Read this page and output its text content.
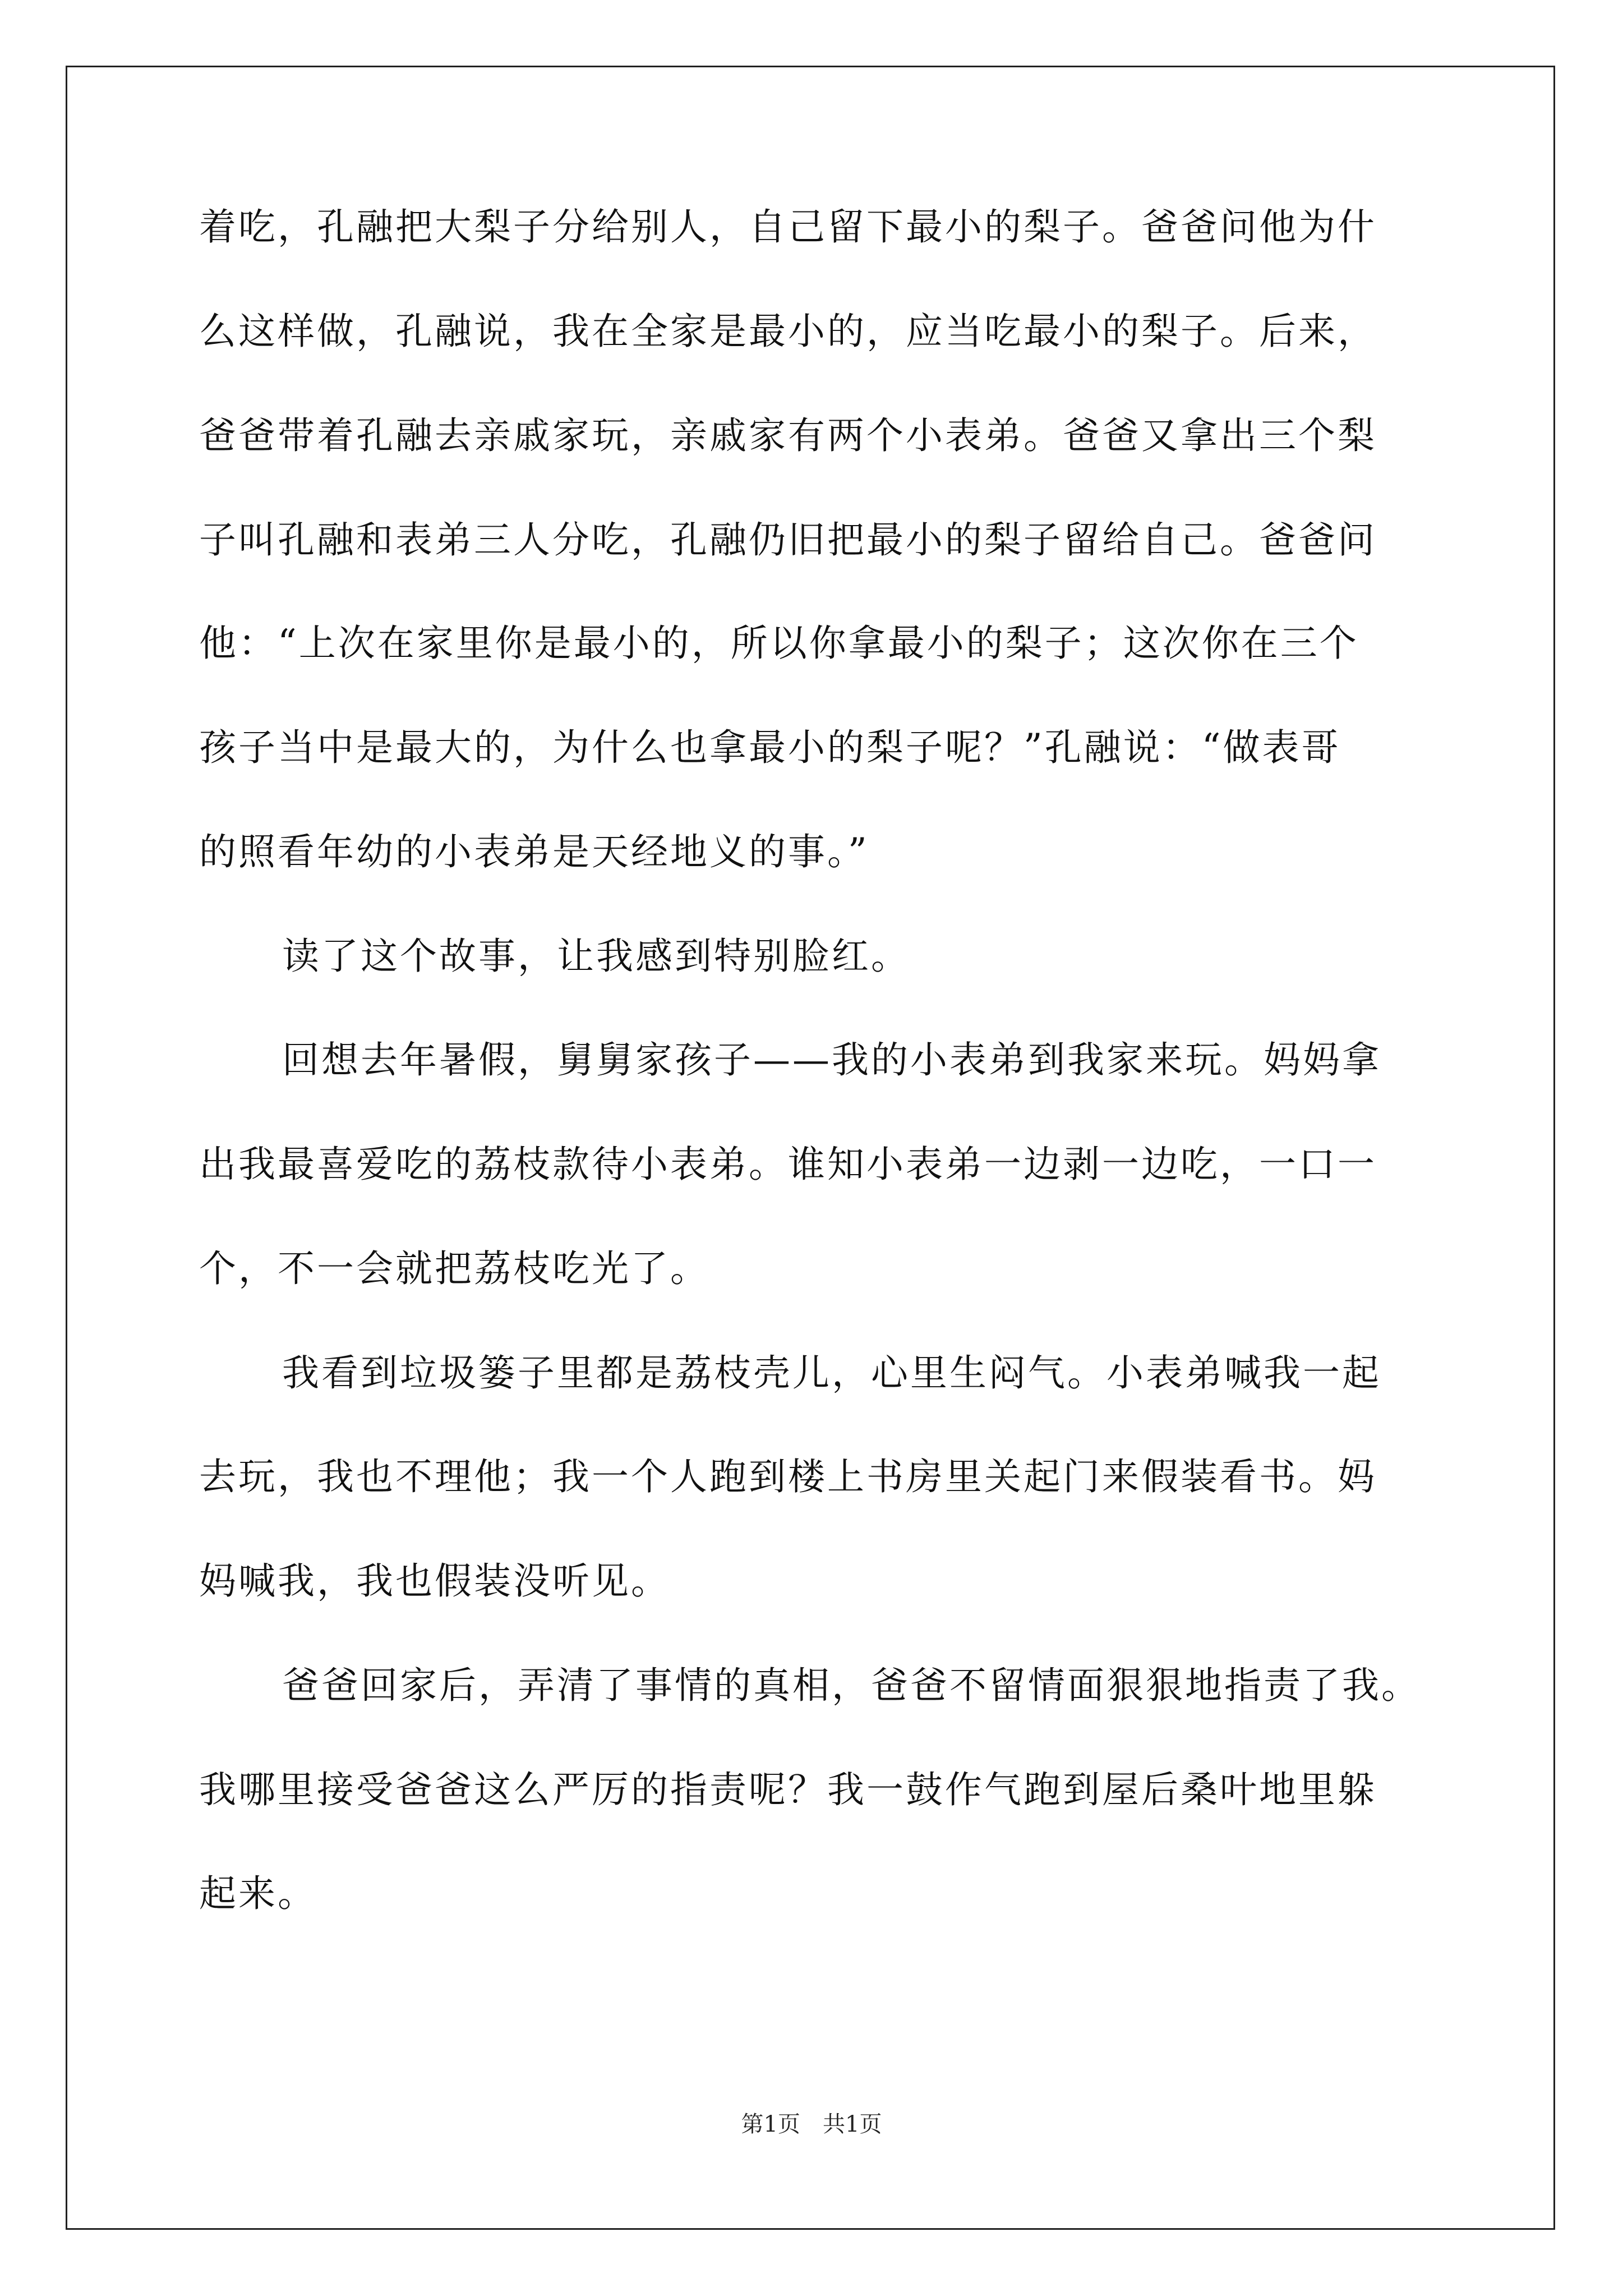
着吃，孔融把大梨子分给别人，自己留下最小的梨子。爸爸问他为什

么这样做，孔融说，我在全家是最小的，应当吃最小的梨子。后来，

爸爸带着孔融去亲戚家玩，亲戚家有两个小表弟。爸爸又拿出三个梨

子叫孔融和表弟三人分吃，孔融仍旧把最小的梨子留给自己。爸爸问

他：“上次在家里你是最小的，所以你拿最小的梨子；这次你在三个

孩子当中是最大的，为什么也拿最小的梨子呢？”孔融说：“做表哥

的照看年幼的小表弟是天经地义的事。”

读了这个故事，让我感到特别脸红。

回想去年暑假，舅舅家孩子——我的小表弟到我家来玩。妈妈拿

出我最喜爱吃的荔枝款待小表弟。谁知小表弟一边剥一边吃，一口一

个，不一会就把荔枝吃光了。

我看到垃圾篓子里都是荔枝壳儿，心里生闷气。小表弟喊我一起

去玩，我也不理他；我一个人跑到楼上书房里关起门来假装看书。妈

妈喊我，我也假装没听见。

爸爸回家后，弄清了事情的真相，爸爸不留情面狠狠地指责了我。

我哪里接受爸爸这么严厉的指责呢？我一鼓作气跑到屋后桑叶地里躲

起来。

第1页 共1页
